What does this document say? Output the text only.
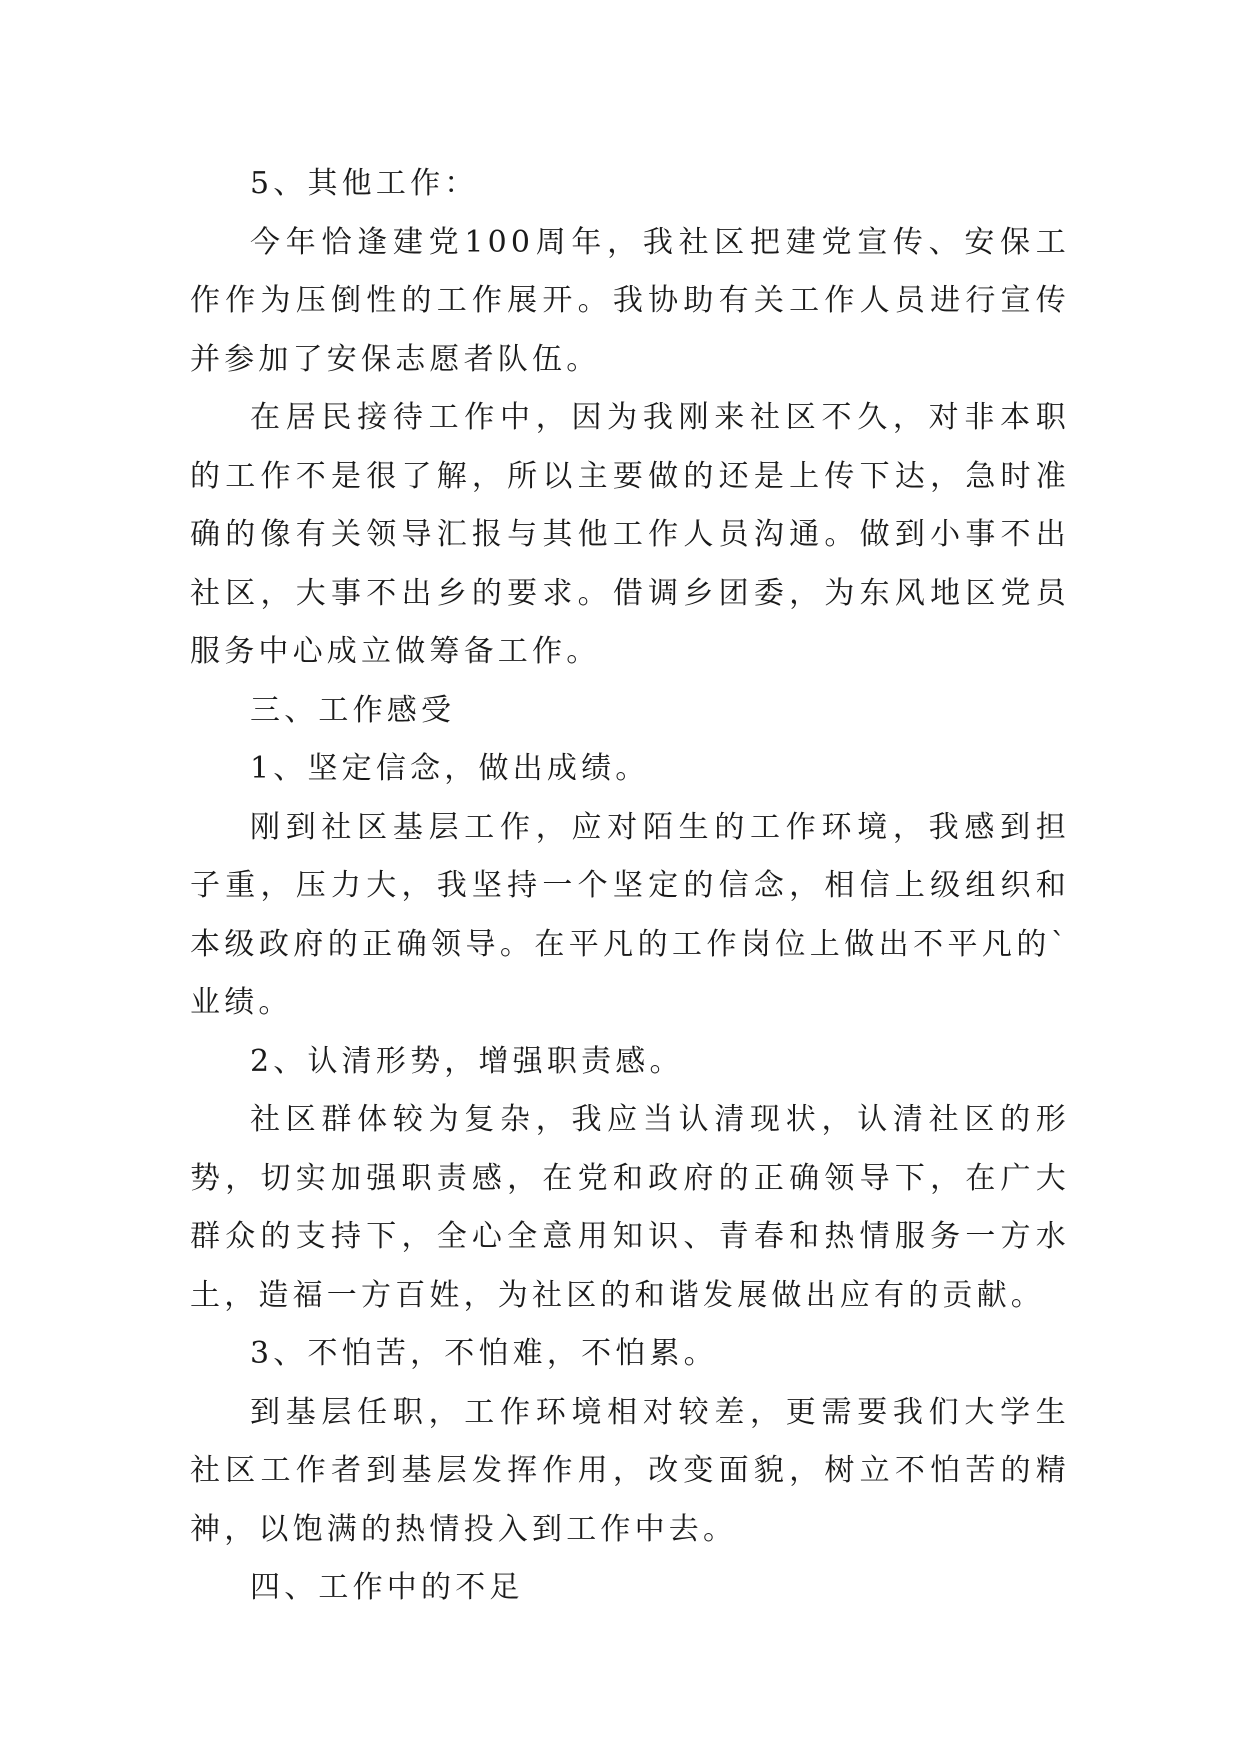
5、其他工作：

今年恰逢建党100周年，我社区把建党宣传、安保工作作为压倒性的工作展开。我协助有关工作人员进行宣传并参加了安保志愿者队伍。

在居民接待工作中，因为我刚来社区不久，对非本职的工作不是很了解，所以主要做的还是上传下达，急时准确的像有关领导汇报与其他工作人员沟通。做到小事不出社区，大事不出乡的要求。借调乡团委，为东风地区党员服务中心成立做筹备工作。

三、工作感受

1、坚定信念，做出成绩。

刚到社区基层工作，应对陌生的工作环境，我感到担子重，压力大，我坚持一个坚定的信念，相信上级组织和本级政府的正确领导。在平凡的工作岗位上做出不平凡的`业绩。

2、认清形势，增强职责感。

社区群体较为复杂，我应当认清现状，认清社区的形势，切实加强职责感，在党和政府的正确领导下，在广大群众的支持下，全心全意用知识、青春和热情服务一方水土，造福一方百姓，为社区的和谐发展做出应有的贡献。

3、不怕苦，不怕难，不怕累。

到基层任职，工作环境相对较差，更需要我们大学生社区工作者到基层发挥作用，改变面貌，树立不怕苦的精神，以饱满的热情投入到工作中去。

四、工作中的不足
